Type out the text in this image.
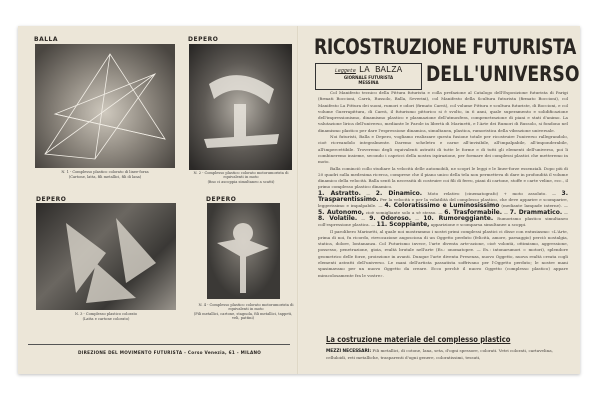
BALLA
N. 1 - Complesso plastico colorato di linee-forza
(Cartone, latta, fili metallici, fili di lana)
DEPERO
N. 2 - Complesso plastico colorato motorumorista di equivalenti in moto
(fino ci ascoppia simultaneo a scatti)
DEPERO
N. 3 - Complesso plastico colorato
(Latta e cartone colorato)
DEPERO
N. 4 - Complesso plastico colorato motorumorista di equivalenti in moto
(Fili metallici, cartone, stagnola, fili metallici, tappeti, veli, pattini)
DIREZIONE DEL MOVIMENTO FUTURISTA - Corso Venezia, 61 - MILANO
RICOSTRUZIONE FUTURISTA
Leggete LA BALZA
GIORNALE FUTURISTA
MESSINA	DELL'UNIVERSO

Col Manifesto tecnico della Pittura futurista e colla prefazione al Catalogo dell'Esposizione futurista di Parigi (firmati Boccioni, Carrà, Russolo, Balla, Severini), col Manifesto della Scultura futurista (firmato Boccioni), col Manifesto La Pittura dei suoni, rumori e odori (firmato Carrà), col volume Pittura e scultura futuriste, di Boccioni, e col volume Guerrapittura, di Carrà, il futurismo pittorico si è svolto, in 6 anni, quale superamento e solidificazione dell'impressionismo, dinamismo plastico e plasmazione dell'atmosfera, compenetrazione di piani e stati d'animo. La valutazione lirica dell'universo, mediante le Parole in libertà di Marinetti, e l'Arte dei Rumori di Russolo, si fondono nel dinamismo plastico per dare l'espressione dinamica, simultanea, plastica, rumoristica della vibrazione universale.

Noi futuristi, Balla e Depero, vogliamo realizzare questa fusione totale per ricostruire l'universo rallegrandolo, cioè ricreandolo integralmente. Daremo scheletro e carne all'invisibile, all'impalpabile, all'imponderabile, all'impercettibile. Troveremo degli equivalenti astratti di tutte le forme e di tutti gli elementi dell'universo, poi li combineremo insieme, secondo i capricci della nostra ispirazione, per formare dei complessi plastici che metteremo in moto.

Balla cominciò collo studiare la velocità delle automobili, ne scoprì le leggi e le linee-forze essenziali. Dopo più di 20 quadri sulla medesima ricerca, comprese che il piano unico della tela non permetteva di dare in profondità il volume dinamico della velocità. Balla sentì la necessità di costruire coi fili di ferro, piani di cartone, stoffe e carte veline, ecc., il primo complesso plastico dinamico.

1. Astratto. — 2. Dinamico. Moto relativo (cinematografo) + moto assoluto. — 3. Trasparentissimo. Per la velocità e per la volatilità del complesso plastico, che deve apparire e scomparire, leggerissimo e impalpabile. — 4. Coloratissimo e Luminosissimo (mediante lampade interne). — 5. Autonomo, cioè somigliante solo a sè stesso. — 6. Trasformabile. — 7. Drammatico. — 8. Volatile. — 9. Odoroso. — 10. Rumoreggiante. Rumorismo plastico simultaneo coll'espressione plastica. — 11. Scoppiante, apparizione e scomparsa simultanee a scoppi.

Il parolibero Marinetti, al quale noi mostrammo i nostri primi complessi plastici ci disse con entusiasmo: «L'Arte, prima di noi, fu ricordo, rievocazione angosciosa di un Oggetto perduto (felicità, amore, paesaggio) perciò nostalgia, statica, dolore, lontananza. Col Futurismo invece, l'arte diventa arte-azione, cioè volontà, ottimismo, aggressione, possesso, penetrazione, gioia, realtà brutale nell'arte (Es.: onomatopee. — Es.: intonarumori = motori), splendore geometrico delle forze, proiezione in avanti. Dunque l'arte diventa Presenza, nuovo Oggetto, nuova realtà creata cogli elementi astratti dell'universo. Le mani dell'artista passatista soffrivano per l'Oggetto perduto; le nostre mani spasimavano per un nuovo Oggetto da creare. Ecco perchè il nuovo Oggetto (complesso plastico) appare miracolosamente fra le vostre».

La costruzione materiale del complesso plastico
MEZZI NECESSARI: Fili metallici, di cotone, lana, seta, d'ogni spessore, colorati. Vetri colorati, cartavelina, celluloidi, reti metalliche, trasparenti d'ogni genere, coloratissimi, tessuti,
